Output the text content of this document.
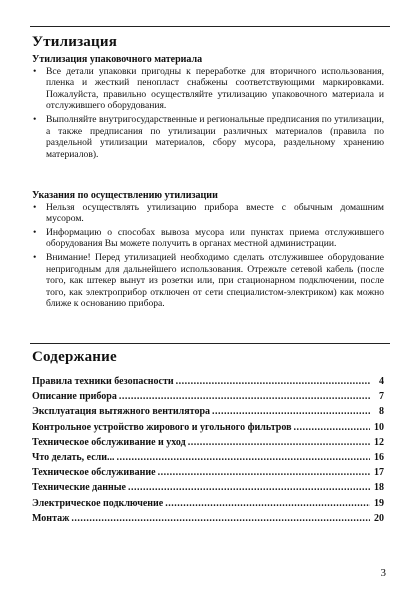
Утилизация
Утилизация упаковочного материала
• Все детали упаковки пригодны к переработке для вторичного использования, пленка и жесткий пенопласт снабжены соответствующими маркировками. Пожалуйста, правильно осуществляйте утилизацию упаковочного материала и отслужившего оборудования.
• Выполняйте внутригосударственные и региональные предписания по утилизации, а также предписания по утилизации различных материалов (правила по раздельной утилизации материалов, сбору мусора, раздельному хранению материалов).
Указания по осуществлению утилизации
• Нельзя осуществлять утилизацию прибора вместе с обычным домашним мусором.
• Информацию о способах вывоза мусора или пунктах приема отслужившего оборудования Вы можете получить в органах местной администрации.
• Внимание! Перед утилизацией необходимо сделать отслужившее оборудование непригодным для дальнейшего использования. Отрежьте сетевой кабель (после того, как штекер вынут из розетки или, при стационарном подключении, после того, как электроприбор отключен от сети специалистом-электриком) как можно ближе к основанию прибора.
Содержание
Правила техники безопасности .....	4
Описание прибора .....	7
Эксплуатация вытяжного вентилятора .....	8
Контрольное устройство жирового и угольного фильтров .....	10
Техническое обслуживание и уход .....	12
Что делать, если... .....	16
Техническое обслуживание .....	17
Технические данные .....	18
Электрическое подключение .....	19
Монтаж .....	20
3
